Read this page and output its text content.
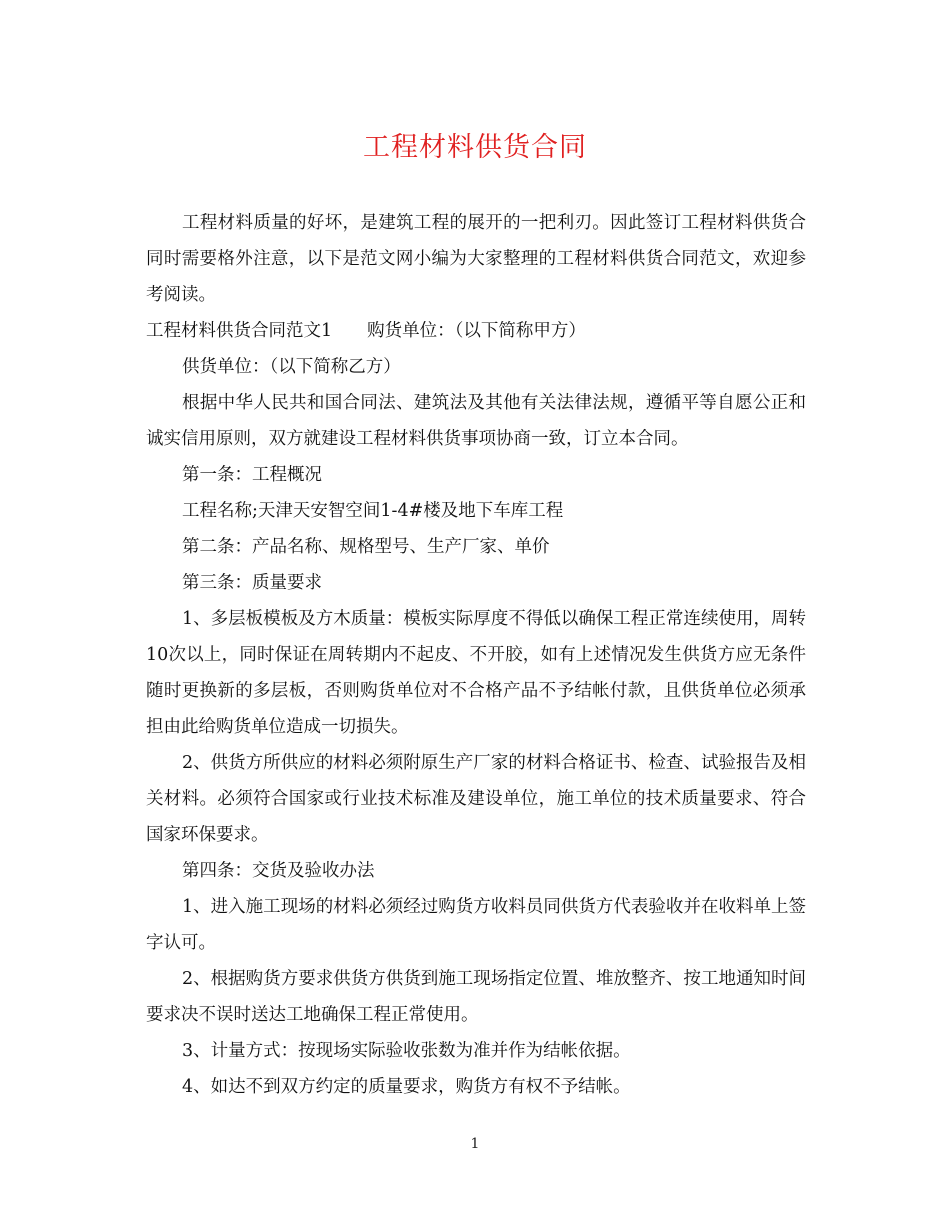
工程材料供货合同

工程材料质量的好坏，是建筑工程的展开的一把利刃。因此签订工程材料供货合同时需要格外注意，以下是范文网小编为大家整理的工程材料供货合同范文，欢迎参考阅读。

工程材料供货合同范文1　　购货单位：（以下简称甲方）

供货单位：（以下简称乙方）

根据中华人民共和国合同法、建筑法及其他有关法律法规，遵循平等自愿公正和诚实信用原则，双方就建设工程材料供货事项协商一致，订立本合同。

第一条：工程概况

工程名称;天津天安智空间1-4#楼及地下车库工程

第二条：产品名称、规格型号、生产厂家、单价

第三条：质量要求

1、多层板模板及方木质量：模板实际厚度不得低以确保工程正常连续使用，周转10次以上，同时保证在周转期内不起皮、不开胶，如有上述情况发生供货方应无条件随时更换新的多层板，否则购货单位对不合格产品不予结帐付款，且供货单位必须承担由此给购货单位造成一切损失。

2、供货方所供应的材料必须附原生产厂家的材料合格证书、检查、试验报告及相关材料。必须符合国家或行业技术标准及建设单位，施工单位的技术质量要求、符合国家环保要求。

第四条：交货及验收办法

1、进入施工现场的材料必须经过购货方收料员同供货方代表验收并在收料单上签字认可。

2、根据购货方要求供货方供货到施工现场指定位置、堆放整齐、按工地通知时间要求决不误时送达工地确保工程正常使用。

3、计量方式：按现场实际验收张数为准并作为结帐依据。

4、如达不到双方约定的质量要求，购货方有权不予结帐。

1
